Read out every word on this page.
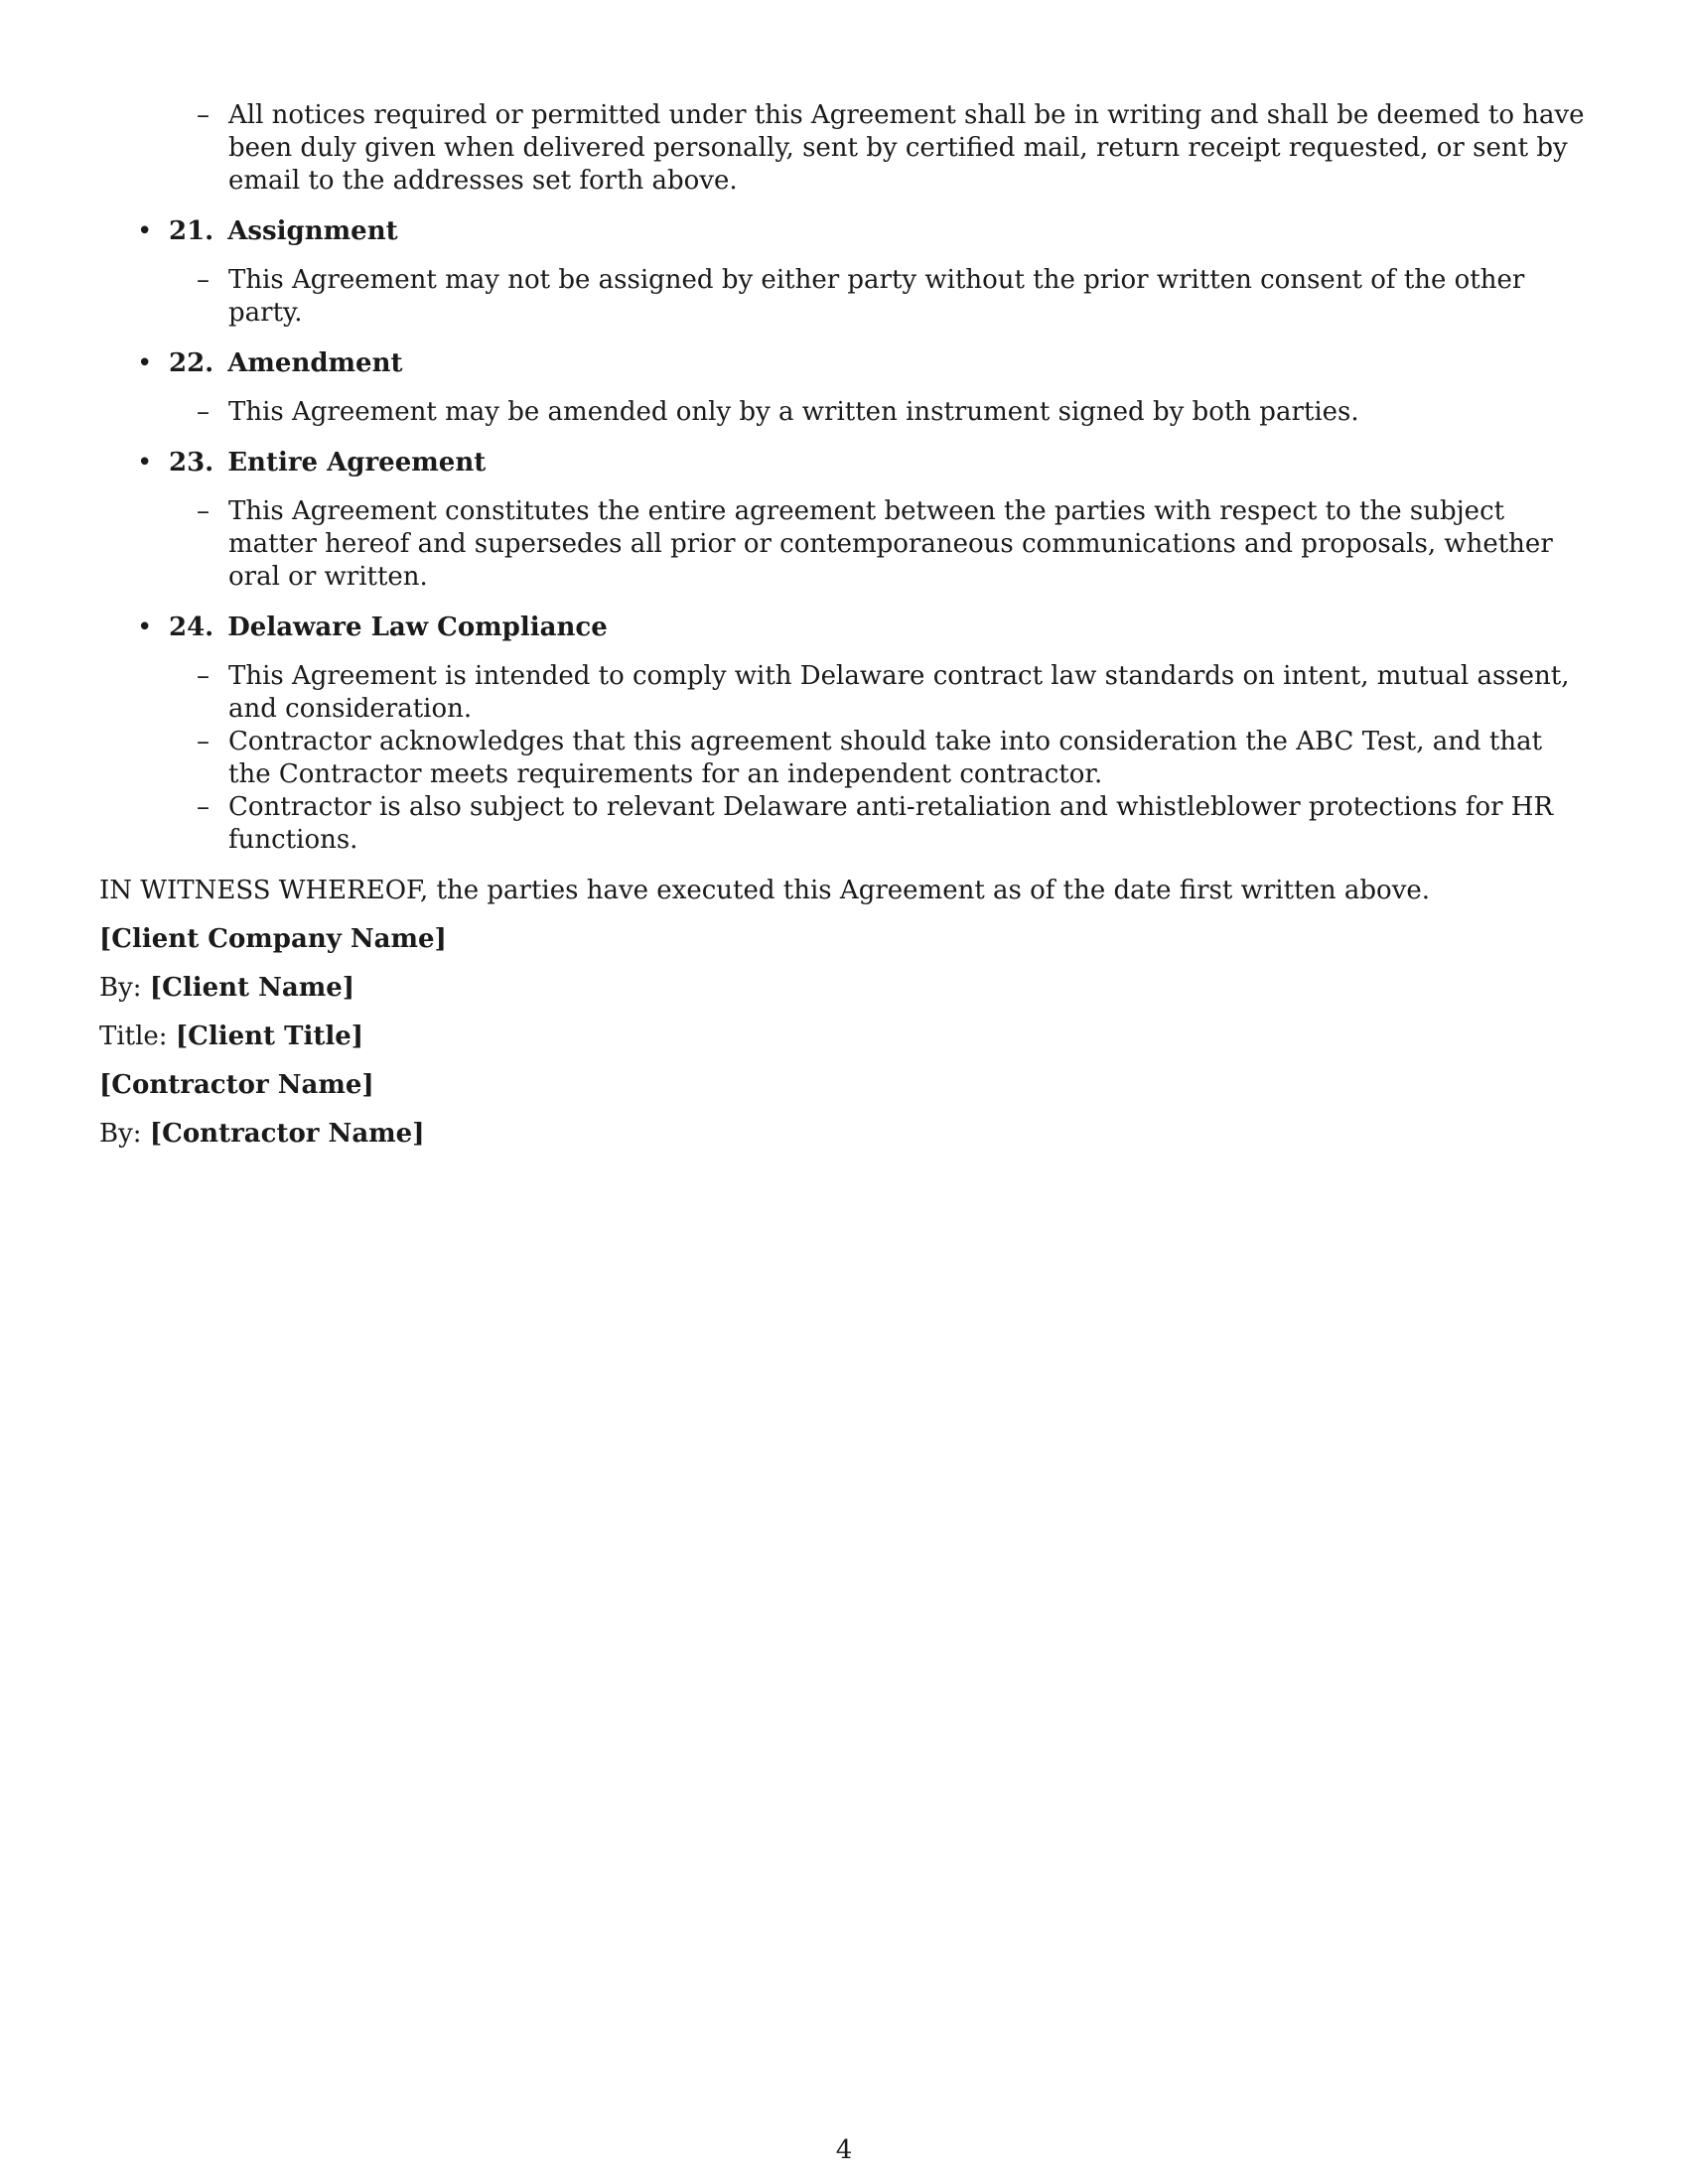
– All notices required or permitted under this Agreement shall be in writing and shall be deemed to have been duly given when delivered personally, sent by certified mail, return receipt requested, or sent by email to the addresses set forth above.

• 21. Assignment

– This Agreement may not be assigned by either party without the prior written consent of the other party.

• 22. Amendment

– This Agreement may be amended only by a written instrument signed by both parties.

• 23. Entire Agreement

– This Agreement constitutes the entire agreement between the parties with respect to the subject matter hereof and supersedes all prior or contemporaneous communications and proposals, whether oral or written.

• 24. Delaware Law Compliance

– This Agreement is intended to comply with Delaware contract law standards on intent, mutual assent, and consideration.

– Contractor acknowledges that this agreement should take into consideration the ABC Test, and that the Contractor meets requirements for an independent contractor.

– Contractor is also subject to relevant Delaware anti-retaliation and whistleblower protections for HR functions.

IN WITNESS WHEREOF, the parties have executed this Agreement as of the date first written above.

[Client Company Name]

By: [Client Name]

Title: [Client Title]

[Contractor Name]

By: [Contractor Name]

4
